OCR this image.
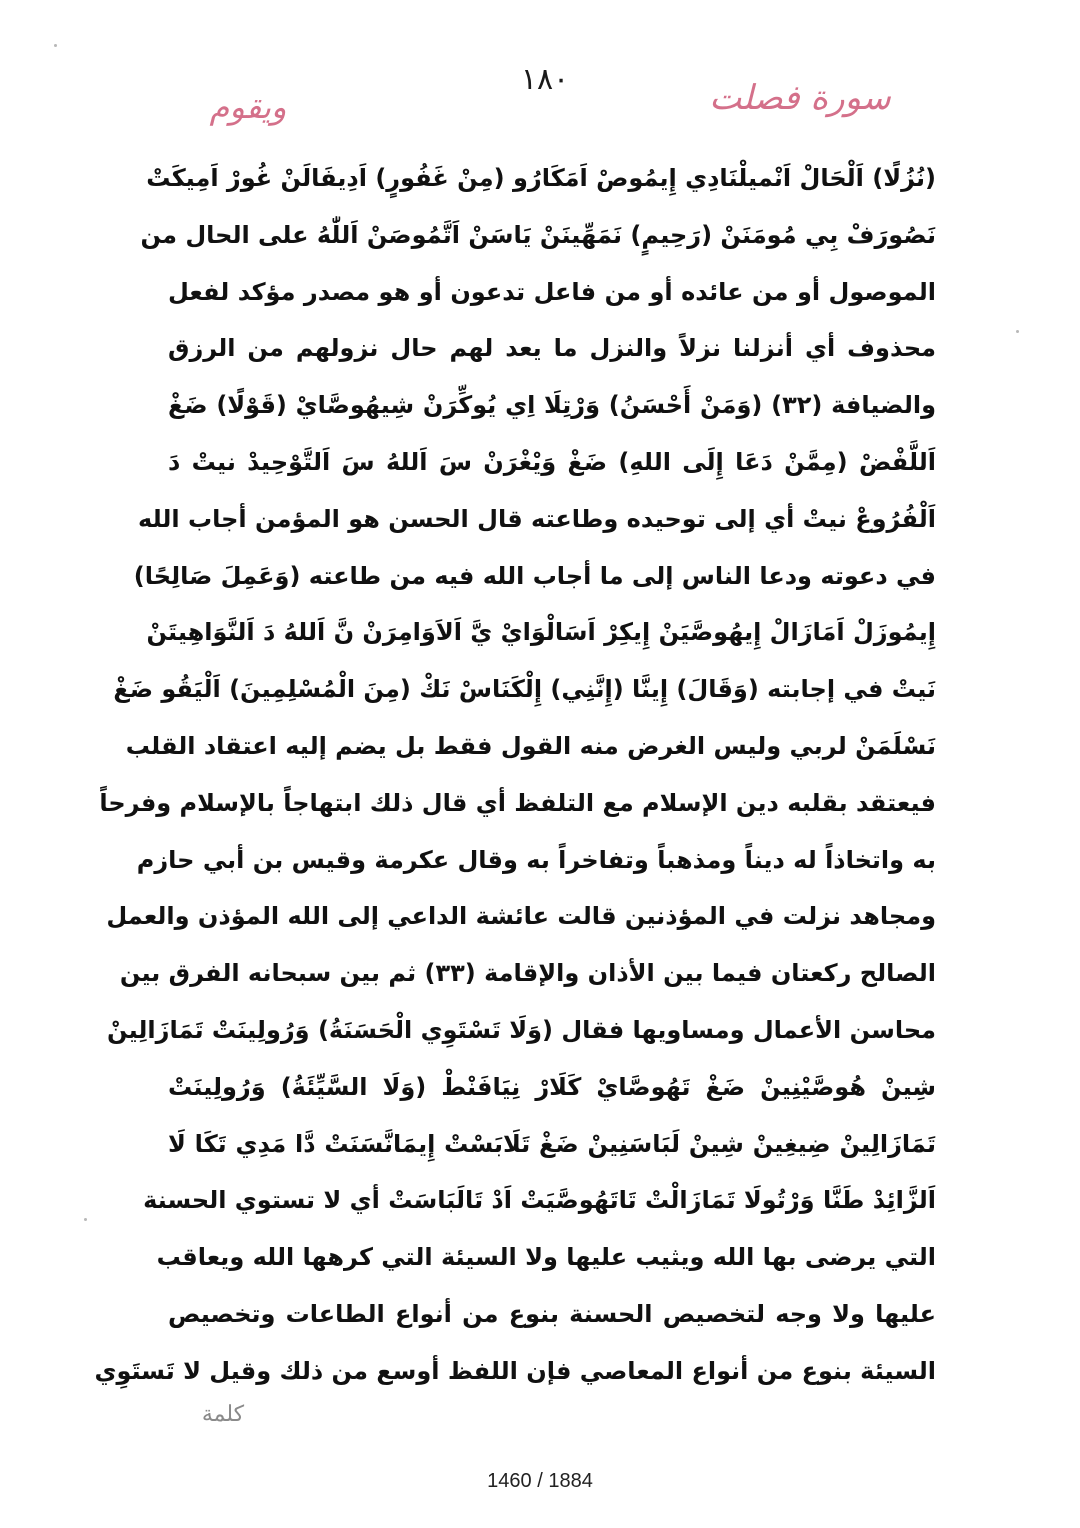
١٨٠	سورة فصلت
ويقوم
(نُزُلًا) اَلْحَالْ اَنْميلْنَادِي إِيمُوصْ اَمَكَارُو (مِنْ غَفُورٍ) اَدِيفَالَنْ غُورْ اَمِيكَتْ
نَصُورَفْ بِي مُومَنَنْ (رَحِيمٍ) نَمَهِّينَنْ يَاسَنْ اَتَّمُوصَنْ اَللّٰهُ على الحال من
الموصول أو من عائده أو من فاعل تدعون أو هو مصدر مؤكد لفعل
محذوف أي أنزلنا نزلاً والنزل ما يعد لهم حال نزولهم من الرزق
والضيافة (٣٢) (وَمَنْ أَحْسَنُ) وَرْتِلَا اِي يُوكِّرَنْ شِيهُوصَّايْ (قَوْلًا) ضَغْ
اَللَّفْضْ (مِمَّنْ دَعَا إِلَى اللهِ) ضَغْ وَيْغْرَنْ سَ اَللهُ سَ اَلتَّوْحِيدْ نيتْ دَ
اَلْفُرُوعْ نيتْ أي إلى توحيده وطاعته قال الحسن هو المؤمن أجاب الله
في دعوته ودعا الناس إلى ما أجاب الله فيه من طاعته (وَعَمِلَ صَالِحًا)
إِيمُوزَلْ اَمَازَالْ إِيهُوصَّيَنْ إِيكِرْ اَسَالْوَايْ يَّ اَلاَوَامِرَنْ نَّ اَللهُ دَ اَلنَّوَاهِيتَنْ
نَيتْ في إجابته (وَقَالَ) إِينَّا (إِنَّنِي) إِلْكَنَاسْ نَكْ (مِنَ الْمُسْلِمِينَ) اَلْيَقُو ضَغْ
نَسْلَمَنْ لربي وليس الغرض منه القول فقط بل يضم إليه اعتقاد القلب
فيعتقد بقلبه دين الإسلام مع التلفظ أي قال ذلك ابتهاجاً بالإسلام وفرحاً
به واتخاذاً له ديناً ومذهباً وتفاخراً به وقال عكرمة وقيس بن أبي حازم
ومجاهد نزلت في المؤذنين قالت عائشة الداعي إلى الله المؤذن والعمل
الصالح ركعتان فيما بين الأذان والإقامة (٣٣) ثم بين سبحانه الفرق بين
محاسن الأعمال ومساويها فقال (وَلَا تَسْتَوِي الْحَسَنَةُ) وَرُولِينَتْ تَمَازَالِينْ
شِينْ هُوصَّيْنِينْ ضَغْ تَهُوصَّايْ كَلَارْ نِيَافَنْطْ (وَلَا السَّيِّئَةُ) وَرُولِينَتْ
تَمَازَالِينْ ضِيغِينْ شِينْ لَبَاسَنِينْ ضَغْ تَلَابَسْتْ إِيمَانَّسَنَتْ دَّا مَدِي تَكَا لَا
اَلزَّائِدْ طَنَّا وَرْتُولَا تَمَازَالْتْ تَاتَهُوصَّيَتْ اَدْ تَالَبَاسَتْ أي لا تستوي الحسنة
التي يرضى بها الله ويثيب عليها ولا السيئة التي كرهها الله ويعاقب
عليها ولا وجه لتخصيص الحسنة بنوع من أنواع الطاعات وتخصيص
السيئة بنوع من أنواع المعاصي فإن اللفظ أوسع من ذلك وقيل لا تَستَوِي
كلمة
1460 / 1884
